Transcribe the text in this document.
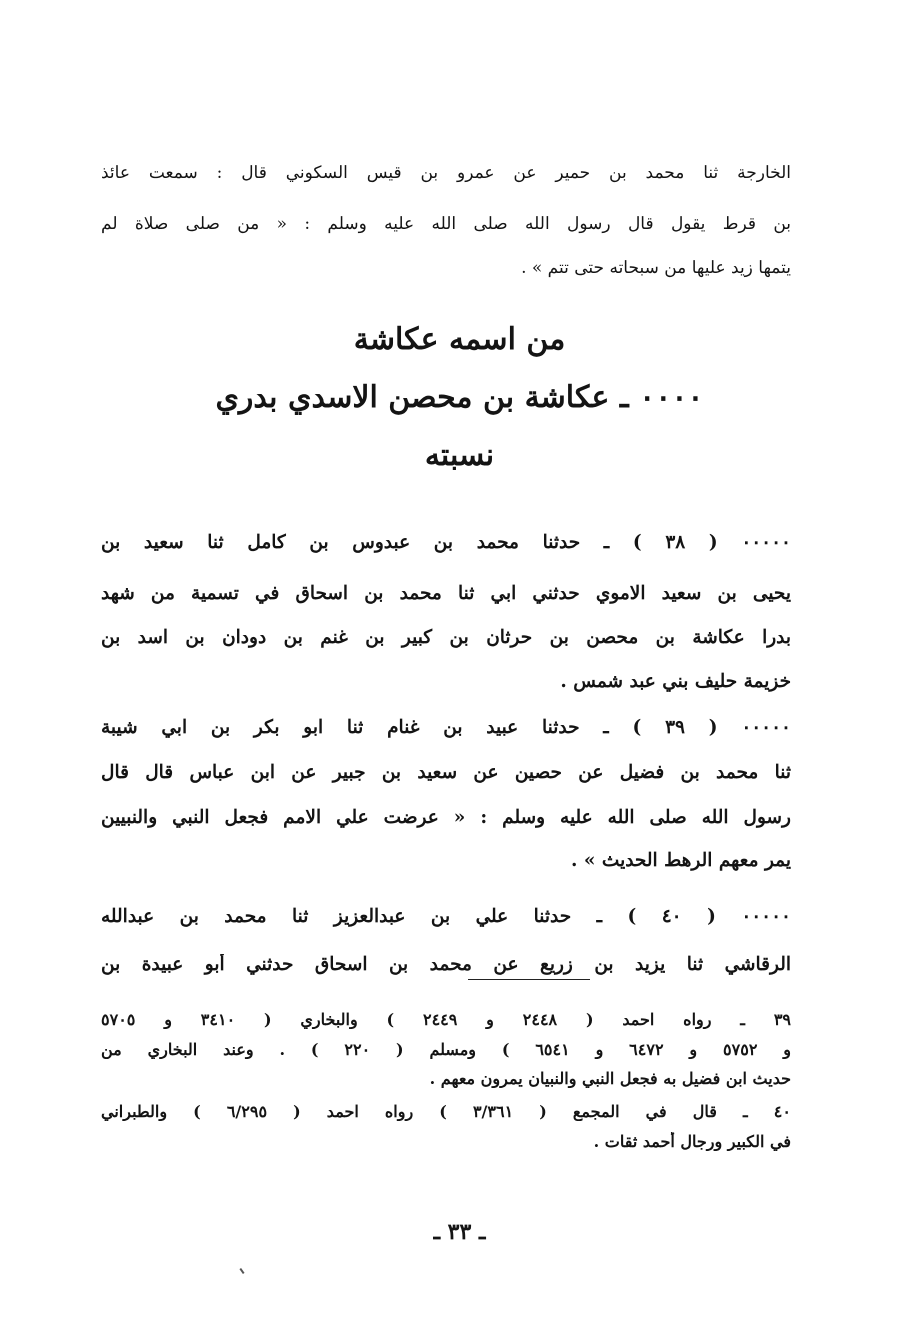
الخارجة ثنا محمد بن حمير عن عمرو بن قيس السكوني قال : سمعت عائذ
بن قرط يقول قال رسول الله صلى الله عليه وسلم : « من صلى صلاة لم
يتمها زيد عليها من سبحاته حتى تتم » .
من اسمه عكاشة
٠٠٠٠ ـ عكاشة بن محصن الاسدي بدري
نسبته
٠٠٠٠٠ ( ٣٨ ) ـ حدثنا محمد بن عبدوس بن كامل ثنا سعيد بن
يحيى بن سعيد الاموي حدثني ابي ثنا محمد بن اسحاق في تسمية من شهد
بدرا عكاشة بن محصن بن حرثان بن كبير بن غنم بن دودان بن اسد بن
خزيمة حليف بني عبد شمس .
٠٠٠٠٠ ( ٣٩ ) ـ حدثنا عبيد بن غنام ثنا ابو بكر بن ابي شيبة
ثنا محمد بن فضيل عن حصين عن سعيد بن جبير عن ابن عباس قال قال
رسول الله صلى الله عليه وسلم : « عرضت علي الامم فجعل النبي والنبيين
يمر معهم الرهط الحديث » .
٠٠٠٠٠ ( ٤٠ ) ـ حدثنا علي بن عبدالعزيز ثنا محمد بن عبدالله
الرقاشي ثنا يزيد بن زريع عن محمد بن اسحاق حدثني أبو عبيدة بن
٣٩ ـ رواه احمد ( ٢٤٤٨ و ٢٤٤٩ ) والبخاري ( ٣٤١٠ و ٥٧٠٥
و ٥٧٥٢ و ٦٤٧٢ و ٦٥٤١ ) ومسلم ( ٢٢٠ ) . وعند البخاري من
حديث ابن فضيل به فجعل النبي والنبيان يمرون معهم .
٤٠ ـ قال في المجمع ( ٣/٣٦١ ) رواه احمد ( ٦/٢٩٥ ) والطبراني
في الكبير ورجال أحمد ثقات .
ـ ٣٣ ـ
